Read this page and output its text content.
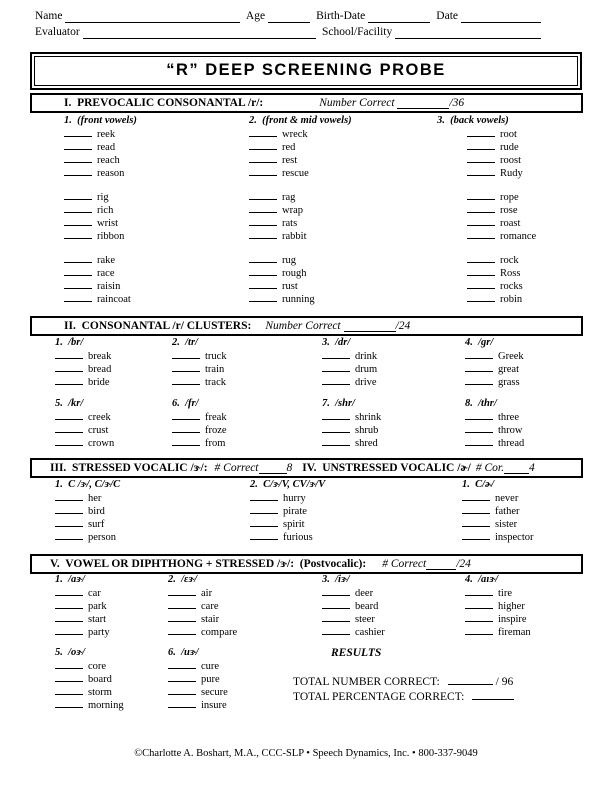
Name	Age	Birth-Date	Date
Evaluator	School/Facility
“R” DEEP SCREENING PROBE
I.  PREVOCALIC CONSONANTAL /r/:	Number Correct	/36
1.  (front vowels)
reek
read
reach
reason
rig
rich
wrist
ribbon
rake
race
raisin
raincoat
2.  (front & mid vowels)
wreck
red
rest
rescue
rag
wrap
rats
rabbit
rug
rough
rust
running
3.  (back vowels)
root
rude
roost
Rudy
rope
rose
roast
romance
rock
Ross
rocks
robin
II.  CONSONANTAL /r/ CLUSTERS: Number Correct	/24
1.  /br/
break
bread
bride
2.  /tr/
truck
train
track
3.  /dr/
drink
drum
drive
4.  /gr/
Greek
great
grass
5.  /kr/
creek
crust
crown
6.  /fr/
freak
froze
from
7.  /shr/
shrink
shrub
shred
8.  /thr/
three
throw
thread
III.  STRESSED VOCALIC /ɝ/: # Correct 8 IV.  UNSTRESSED VOCALIC /ɚ/ # Cor. 4
1.  C /ɝ/, C/ɝ/C
her
bird
surf
person
2.  C/ɝ/V, CV/ɝ/V
hurry
pirate
spirit
furious
1.  C/ɚ/
never
father
sister
inspector
V.  VOWEL OR DIPHTHONG + STRESSED /ɝ/:  (Postvocalic): # Correct	/24
1.  /aɝ/
car
park
start
party
2.  /ɛɝ/
air
care
stair
compare
3.  /iɝ/
deer
beard
steer
cashier
4.  /aɪɝ/
tire
higher
inspire
fireman
5.  /oɝ/
core
board
storm
morning
6.  /uɝ/
cure
pure
secure
insure
RESULTS
TOTAL NUMBER CORRECT:	/ 96
TOTAL PERCENTAGE CORRECT:
©Charlotte A. Boshart, M.A., CCC-SLP • Speech Dynamics, Inc. • 800-337-9049
